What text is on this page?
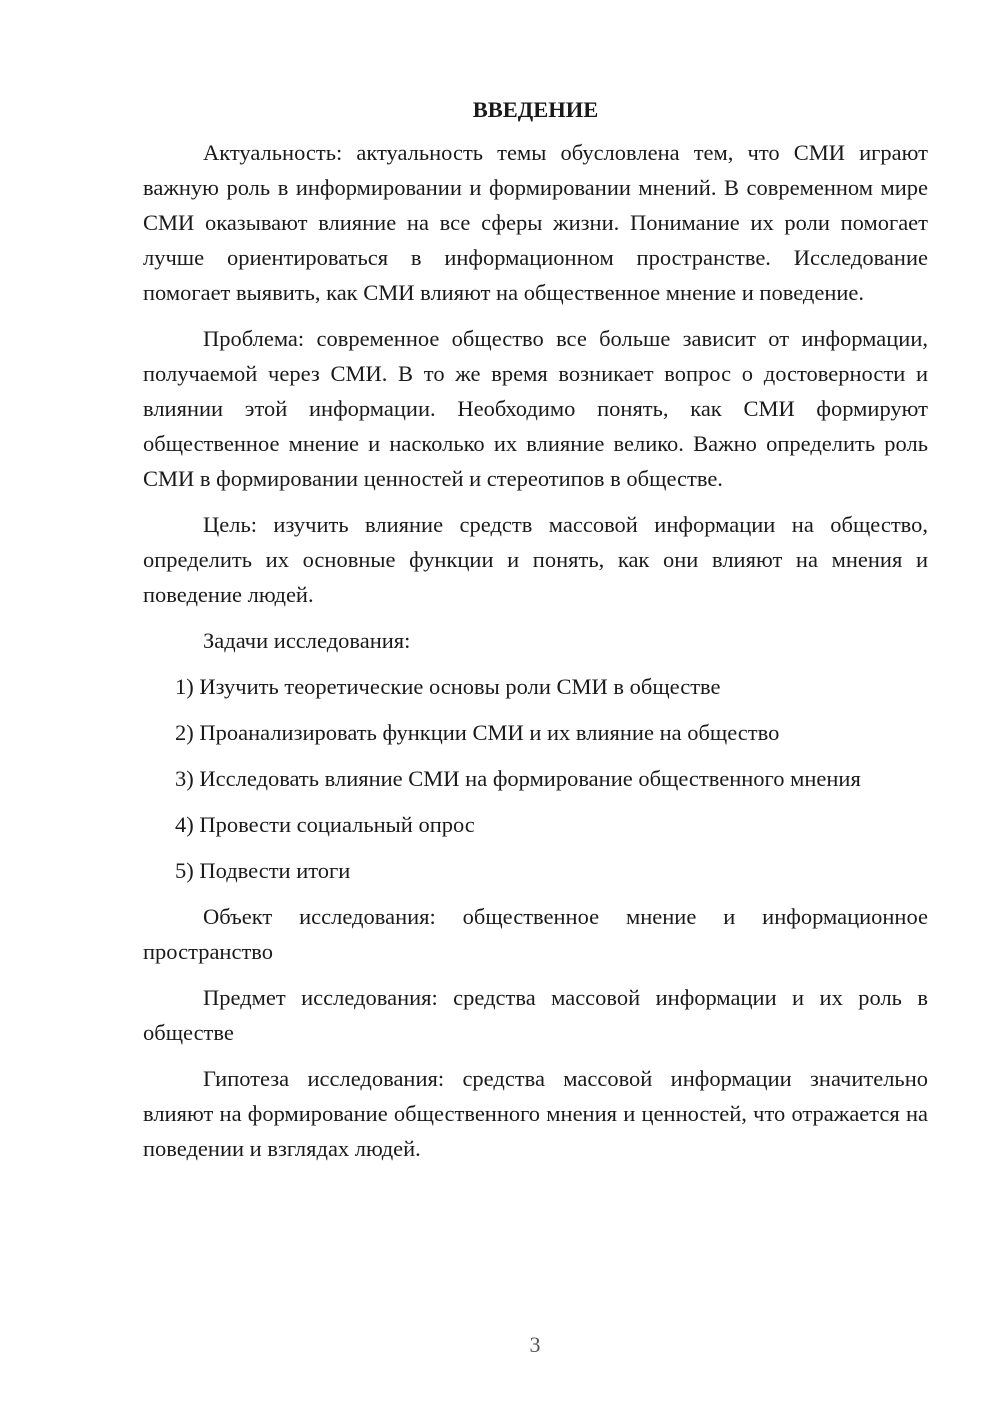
ВВЕДЕНИЕ

Актуальность: актуальность темы обусловлена тем, что СМИ играют важную роль в информировании и формировании мнений. В современном мире СМИ оказывают влияние на все сферы жизни. Понимание их роли помогает лучше ориентироваться в информационном пространстве. Исследование помогает выявить, как СМИ влияют на общественное мнение и поведение.

Проблема: современное общество все больше зависит от информации, получаемой через СМИ. В то же время возникает вопрос о достоверности и влиянии этой информации. Необходимо понять, как СМИ формируют общественное мнение и насколько их влияние велико. Важно определить роль СМИ в формировании ценностей и стереотипов в обществе.

Цель: изучить влияние средств массовой информации на общество, определить их основные функции и понять, как они влияют на мнения и поведение людей.

Задачи исследования:

1) Изучить теоретические основы роли СМИ в обществе

2) Проанализировать функции СМИ и их влияние на общество

3) Исследовать влияние СМИ на формирование общественного мнения

4) Провести социальный опрос

5) Подвести итоги

Объект исследования: общественное мнение и информационное пространство

Предмет исследования: средства массовой информации и их роль в обществе

Гипотеза исследования: средства массовой информации значительно влияют на формирование общественного мнения и ценностей, что отражается на поведении и взглядах людей.

3
